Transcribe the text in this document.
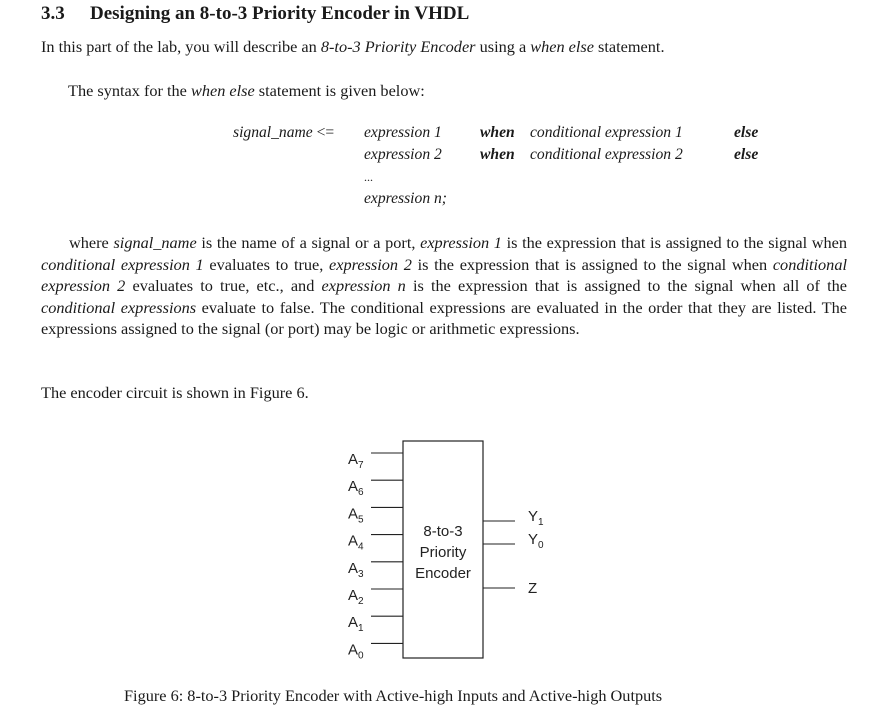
3.3 Designing an 8-to-3 Priority Encoder in VHDL
In this part of the lab, you will describe an 8-to-3 Priority Encoder using a when else statement.
The syntax for the when else statement is given below:
signal_name <= expression 1 when conditional expression 1	else
expression 2 when conditional expression 2	else
...
expression n;

where signal_name is the name of a signal or a port, expression 1 is the expression that is assigned to the signal when conditional expression 1 evaluates to true, expression 2 is the expression that is assigned to the signal when conditional expression 2 evaluates to true, etc., and expression n is the expression that is assigned to the signal when all of the conditional expressions evaluate to false. The conditional expressions are evaluated in the order that they are listed. The expressions assigned to the signal (or port) may be logic or arithmetic expressions.

The encoder circuit is shown in Figure 6.
8-to-3
Priority
Encoder
$A_7$
$A_6$
$A_5$
$A_4$
$A_3$
$A_2$
$A_1$
$A_0$
$Y_1$
$Y_0$
Z
Figure 6: 8-to-3 Priority Encoder with Active-high Inputs and Active-high Outputs
